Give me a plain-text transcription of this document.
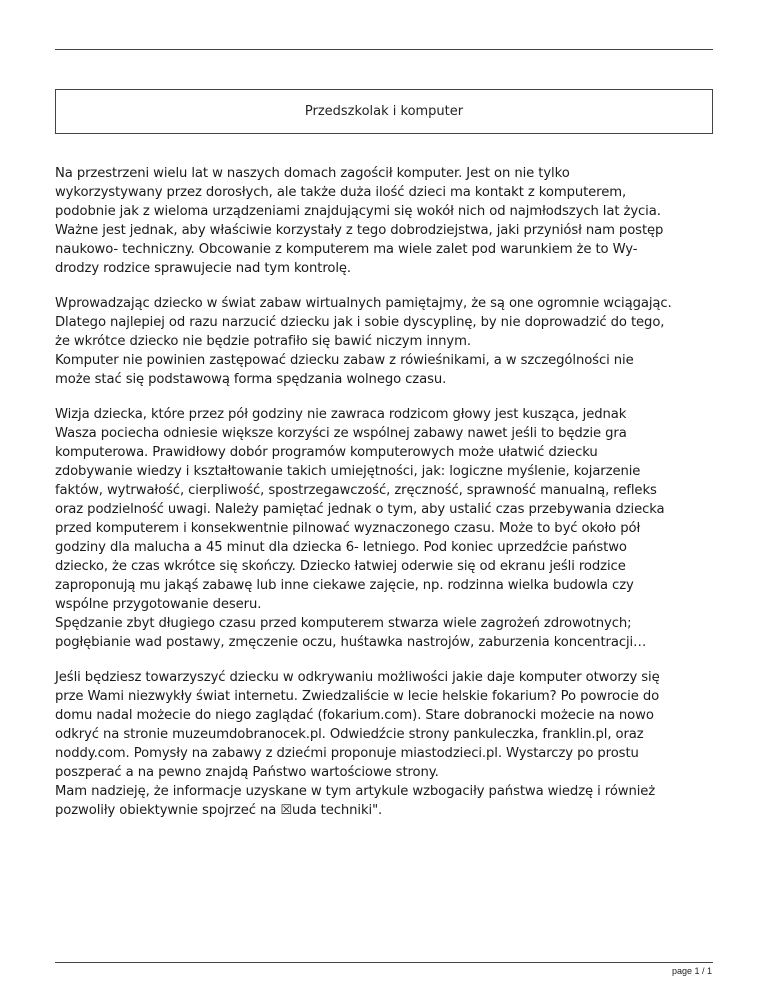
Przedszkolak i komputer

Na przestrzeni wielu lat w naszych domach zagościł komputer. Jest on nie tylko
wykorzystywany przez dorosłych, ale także duża ilość dzieci ma kontakt z komputerem,
podobnie jak z wieloma urządzeniami znajdującymi się wokół nich od najmłodszych lat życia.
Ważne jest jednak, aby właściwie korzystały z tego dobrodziejstwa, jaki przyniósł nam postęp
naukowo- techniczny. Obcowanie z komputerem ma wiele zalet pod warunkiem że to Wy-
drodzy rodzice sprawujecie nad tym kontrolę.

Wprowadzając dziecko w świat zabaw wirtualnych pamiętajmy, że są one ogromnie wciągając.
Dlatego najlepiej od razu narzucić dziecku jak i sobie dyscyplinę, by nie doprowadzić do tego,
że wkrótce dziecko nie będzie potrafiło się bawić niczym innym.
Komputer nie powinien zastępować dziecku zabaw z rówieśnikami, a w szczególności nie
może stać się podstawową forma spędzania wolnego czasu.

Wizja dziecka, które przez pół godziny nie zawraca rodzicom głowy jest kusząca, jednak
Wasza pociecha odniesie większe korzyści ze wspólnej zabawy nawet jeśli to będzie gra
komputerowa. Prawidłowy dobór programów komputerowych może ułatwić dziecku
zdobywanie wiedzy i kształtowanie takich umiejętności, jak: logiczne myślenie, kojarzenie
faktów, wytrwałość, cierpliwość, spostrzegawczość, zręczność, sprawność manualną, refleks
oraz podzielność uwagi. Należy pamiętać jednak o tym, aby ustalić czas przebywania dziecka
przed komputerem i konsekwentnie pilnować wyznaczonego czasu. Może to być około pół
godziny dla malucha a 45 minut dla dziecka 6- letniego. Pod koniec uprzedźcie państwo
dziecko, że czas wkrótce się skończy. Dziecko łatwiej oderwie się od ekranu jeśli rodzice
zaproponują mu jakąś zabawę lub inne ciekawe zajęcie, np. rodzinna wielka budowla czy
wspólne przygotowanie deseru.
Spędzanie zbyt długiego czasu przed komputerem stwarza wiele zagrożeń zdrowotnych;
pogłębianie wad postawy, zmęczenie oczu, huśtawka nastrojów, zaburzenia koncentracji…

Jeśli będziesz towarzyszyć dziecku w odkrywaniu możliwości jakie daje komputer otworzy się
prze Wami niezwykły świat internetu. Zwiedzaliście w lecie helskie fokarium? Po powrocie do
domu nadal możecie do niego zaglądać (fokarium.com). Stare dobranocki możecie na nowo
odkryć na stronie muzeumdobranocek.pl. Odwiedźcie strony pankuleczka, franklin.pl, oraz
noddy.com. Pomysły na zabawy z dziećmi proponuje miastodzieci.pl. Wystarczy po prostu
poszperać a na pewno znajdą Państwo wartościowe strony.
Mam nadzieję, że informacje uzyskane w tym artykule wzbogaciły państwa wiedzę i również
pozwoliły obiektywnie spojrzeć na ☒uda techniki".

page 1 / 1
